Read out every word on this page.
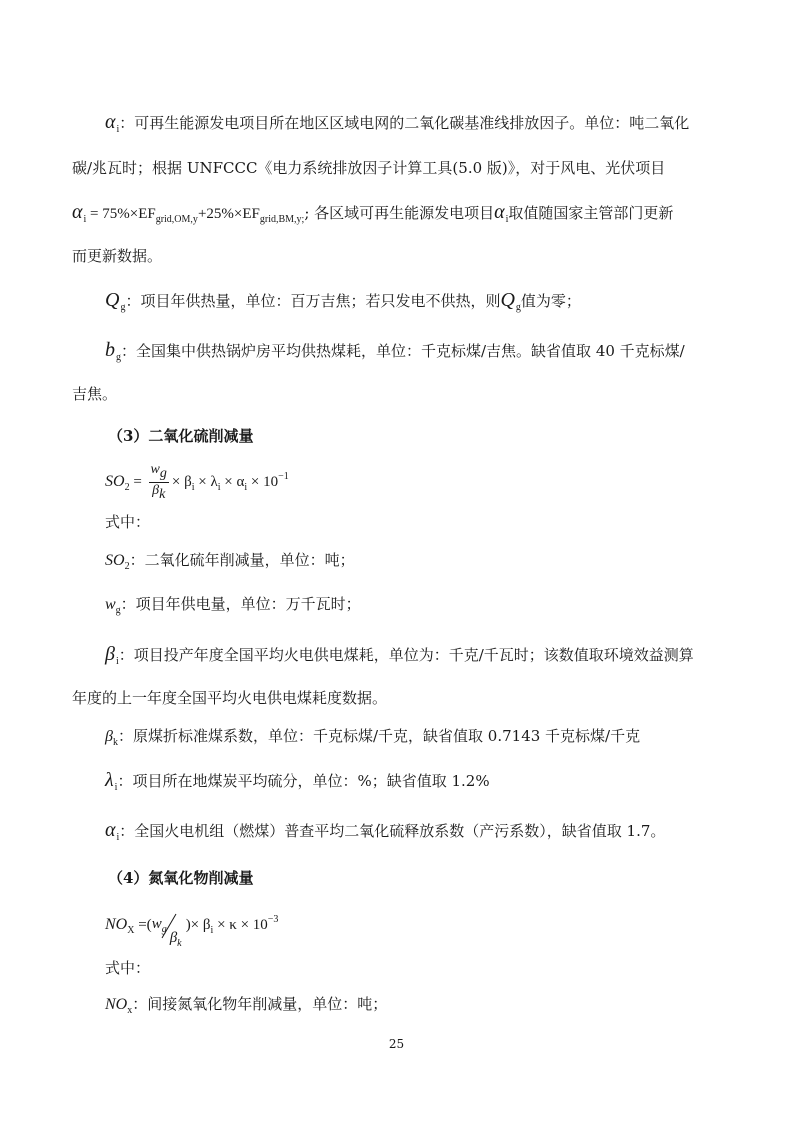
$\alpha_i$：可再生能源发电项目所在地区区域电网的二氧化碳基准线排放因子。单位：吨二氧化
碳/兆瓦时；根据 UNFCCC《电力系统排放因子计算工具(5.0 版)》，对于风电、光伏项目
$\alpha_i = 75\%\times EF_{grid,OM,y}+25\%\times EF_{grid,BM,y;}$; 各区域可再生能源发电项目$\alpha_i$取值随国家主管部门更新
而更新数据。
$Q_g$：项目年供热量，单位：百万吉焦；若只发电不供热，则$Q_g$值为零；
$b_g$：全国集中供热锅炉房平均供热煤耗，单位：千克标煤/吉焦。缺省值取 40 千克标煤/
吉焦。
（3）二氧化硫削减量
$SO_2 = \frac{wg}{\beta k} \times \beta_i \times \lambda_i \times \alpha_i \times 10^{-1}$
式中：
$SO_2$：二氧化硫年削减量，单位：吨；
$w_g$：项目年供电量，单位：万千瓦时；
$\beta_i$：项目投产年度全国平均火电供电煤耗，单位为：千克/千瓦时；该数值取环境效益测算
年度的上一年度全国平均火电供电煤耗度数据。
$\beta_k$：原煤折标准煤系数，单位：千克标煤/千克，缺省值取 0.7143 千克标煤/千克
$\lambda_i$：项目所在地煤炭平均硫分，单位：%；缺省值取 1.2%
$\alpha_i$：全国火电机组（燃煤）普查平均二氧化硫释放系数（产污系数），缺省值取 1.7。
（4）氮氧化物削减量
$NO_X$ =( $w_g$
$\beta_k$
)× $\beta_i \times \kappa \times 10^{-3}$
式中：
$NO_x$：间接氮氧化物年削减量，单位：吨；
25
